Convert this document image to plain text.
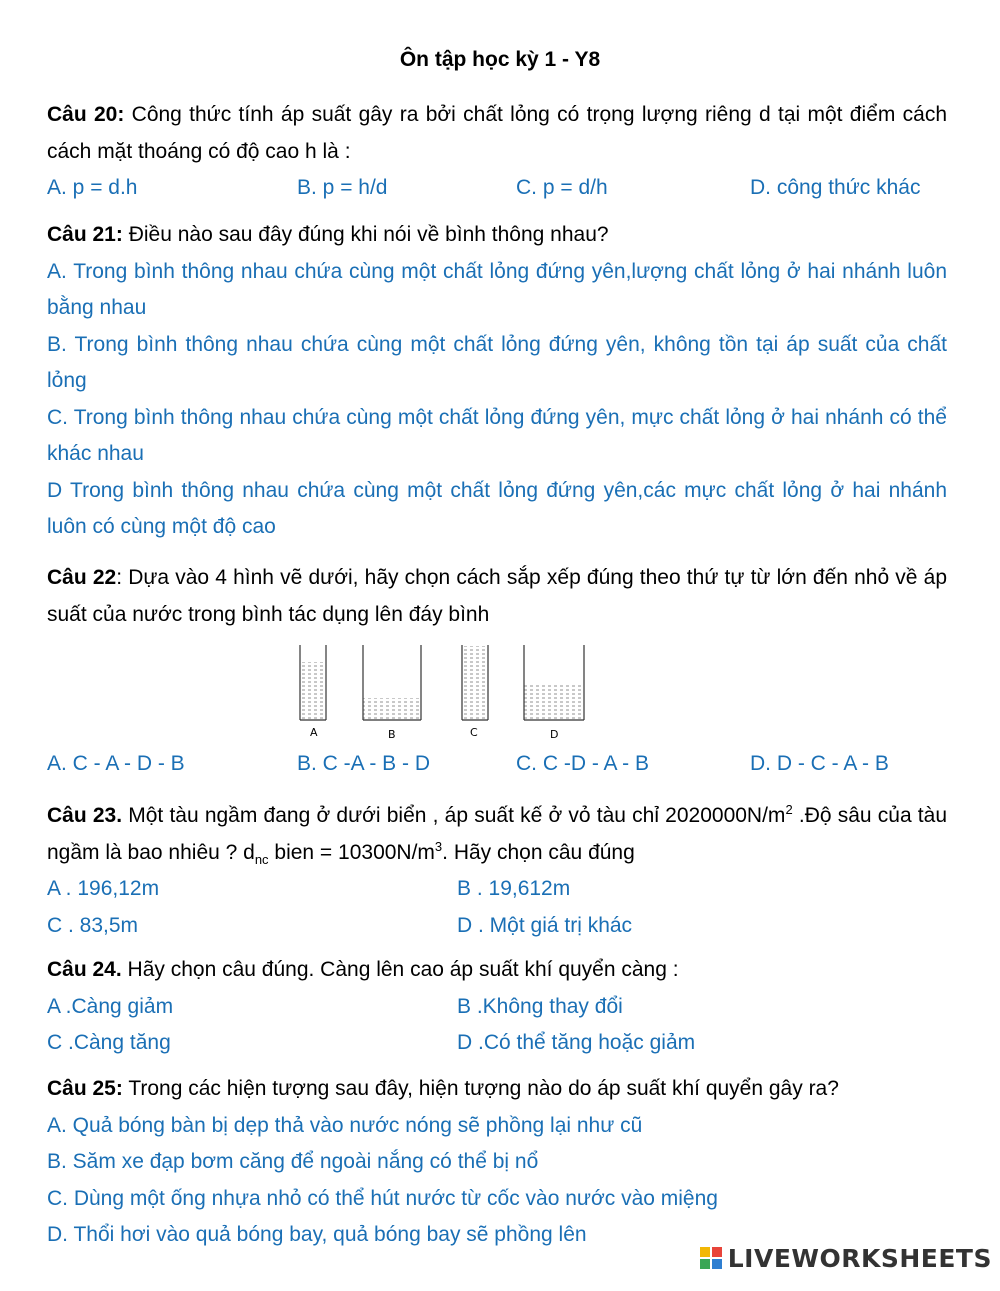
Ôn tập học kỳ 1 - Y8
Câu 20: Công thức tính áp suất gây ra bởi chất lỏng có trọng lượng riêng d tại một điểm cách cách mặt thoáng có độ cao h là :
A. p = d.h	B. p = h/d	C. p = d/h	D. công thức khác
Câu 21: Điều nào sau đây đúng khi nói về bình thông nhau?
A. Trong bình thông nhau chứa cùng một chất lỏng đứng yên,lượng chất lỏng ở hai nhánh luôn bằng nhau
B. Trong bình thông nhau chứa cùng một chất lỏng đứng yên, không tồn tại áp suất của chất lỏng
C. Trong bình thông nhau chứa cùng một chất lỏng đứng yên, mực chất lỏng ở hai nhánh có thể khác nhau
D Trong bình thông nhau chứa cùng một chất lỏng đứng yên,các mực chất lỏng ở hai nhánh luôn có cùng một độ cao
Câu 22: Dựa vào 4 hình vẽ dưới, hãy chọn cách sắp xếp đúng theo thứ tự từ lớn đến nhỏ về áp suất của nước trong bình tác dụng lên đáy bình
A	B	C	D
A. C - A - D - B	B. C -A - B - D	C. C -D - A - B	D. D - C - A - B
Câu 23. Một tàu ngầm đang ở dưới biển , áp suất kế ở vỏ tàu chỉ $2020000N/m^2$ .Độ sâu của tàu ngầm là bao nhiêu ? $d_{nc}$ bien = $10300N/m^3$. Hãy chọn câu đúng
A . 196,12m	B . 19,612m
C . 83,5m	D . Một giá trị khác
Câu 24. Hãy chọn câu đúng. Càng lên cao áp suất khí quyển càng :
A .Càng giảm	B .Không thay đổi
C .Càng tăng	D .Có thể tăng hoặc giảm
Câu 25: Trong các hiện tượng sau đây, hiện tượng nào do áp suất khí quyển gây ra?
A. Quả bóng bàn bị dẹp thả vào nước nóng sẽ phồng lại như cũ
B. Săm xe đạp bơm căng để ngoài nắng có thể bị nổ
C. Dùng một ống nhựa nhỏ có thể hút nước từ cốc vào nước vào miệng
D. Thổi hơi vào quả bóng bay, quả bóng bay sẽ phồng lên
LIVEWORKSHEETS
